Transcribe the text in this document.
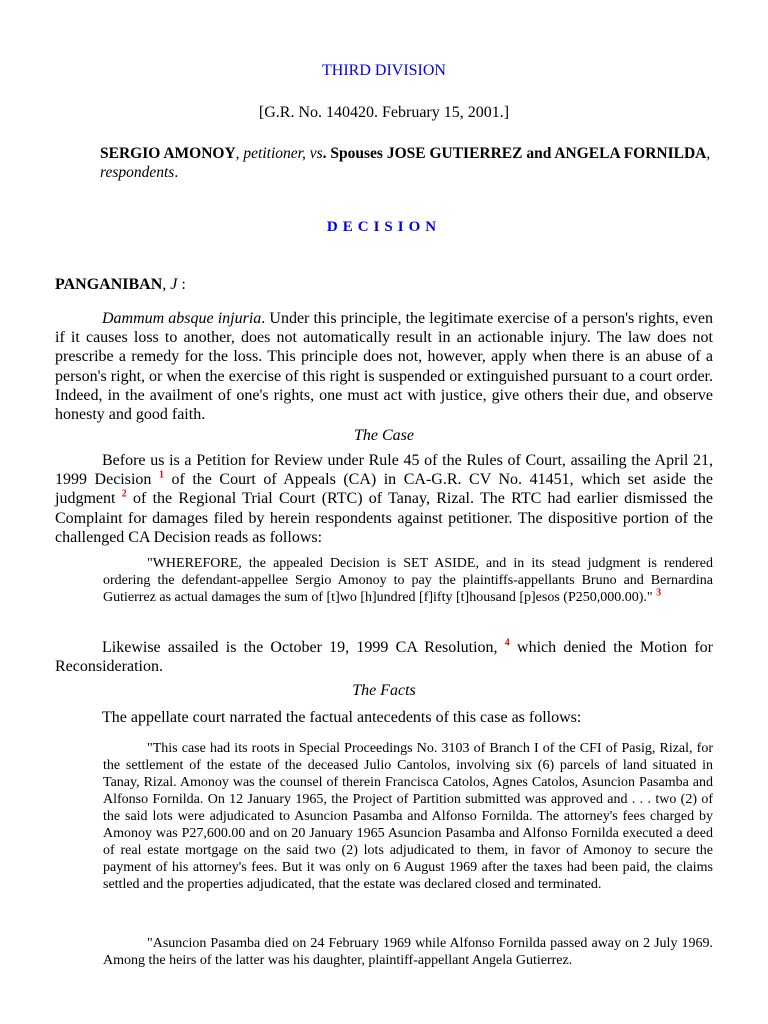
THIRD DIVISION
[G.R. No. 140420. February 15, 2001.]
SERGIO AMONOY, petitioner, vs. Spouses JOSE GUTIERREZ and ANGELA FORNILDA, respondents.
DECISION
PANGANIBAN, J :
Dammum absque injuria. Under this principle, the legitimate exercise of a person's rights, even if it causes loss to another, does not automatically result in an actionable injury. The law does not prescribe a remedy for the loss. This principle does not, however, apply when there is an abuse of a person's right, or when the exercise of this right is suspended or extinguished pursuant to a court order. Indeed, in the availment of one's rights, one must act with justice, give others their due, and observe honesty and good faith.
The Case
Before us is a Petition for Review under Rule 45 of the Rules of Court, assailing the April 21, 1999 Decision $^1$ of the Court of Appeals (CA) in CA-G.R. CV No. 41451, which set aside the judgment $^2$ of the Regional Trial Court (RTC) of Tanay, Rizal. The RTC had earlier dismissed the Complaint for damages filed by herein respondents against petitioner. The dispositive portion of the challenged CA Decision reads as follows:
"WHEREFORE, the appealed Decision is SET ASIDE, and in its stead judgment is rendered ordering the defendant-appellee Sergio Amonoy to pay the plaintiffs-appellants Bruno and Bernardina Gutierrez as actual damages the sum of [t]wo [h]undred [f]ifty [t]housand [p]esos (P250,000.00)." $^3$
Likewise assailed is the October 19, 1999 CA Resolution, $^4$ which denied the Motion for Reconsideration.
The Facts
The appellate court narrated the factual antecedents of this case as follows:
"This case had its roots in Special Proceedings No. 3103 of Branch I of the CFI of Pasig, Rizal, for the settlement of the estate of the deceased Julio Cantolos, involving six (6) parcels of land situated in Tanay, Rizal. Amonoy was the counsel of therein Francisca Catolos, Agnes Catolos, Asuncion Pasamba and Alfonso Fornilda. On 12 January 1965, the Project of Partition submitted was approved and . . . two (2) of the said lots were adjudicated to Asuncion Pasamba and Alfonso Fornilda. The attorney's fees charged by Amonoy was P27,600.00 and on 20 January 1965 Asuncion Pasamba and Alfonso Fornilda executed a deed of real estate mortgage on the said two (2) lots adjudicated to them, in favor of Amonoy to secure the payment of his attorney's fees. But it was only on 6 August 1969 after the taxes had been paid, the claims settled and the properties adjudicated, that the estate was declared closed and terminated.
"Asuncion Pasamba died on 24 February 1969 while Alfonso Fornilda passed away on 2 July 1969. Among the heirs of the latter was his daughter, plaintiff-appellant Angela Gutierrez.
